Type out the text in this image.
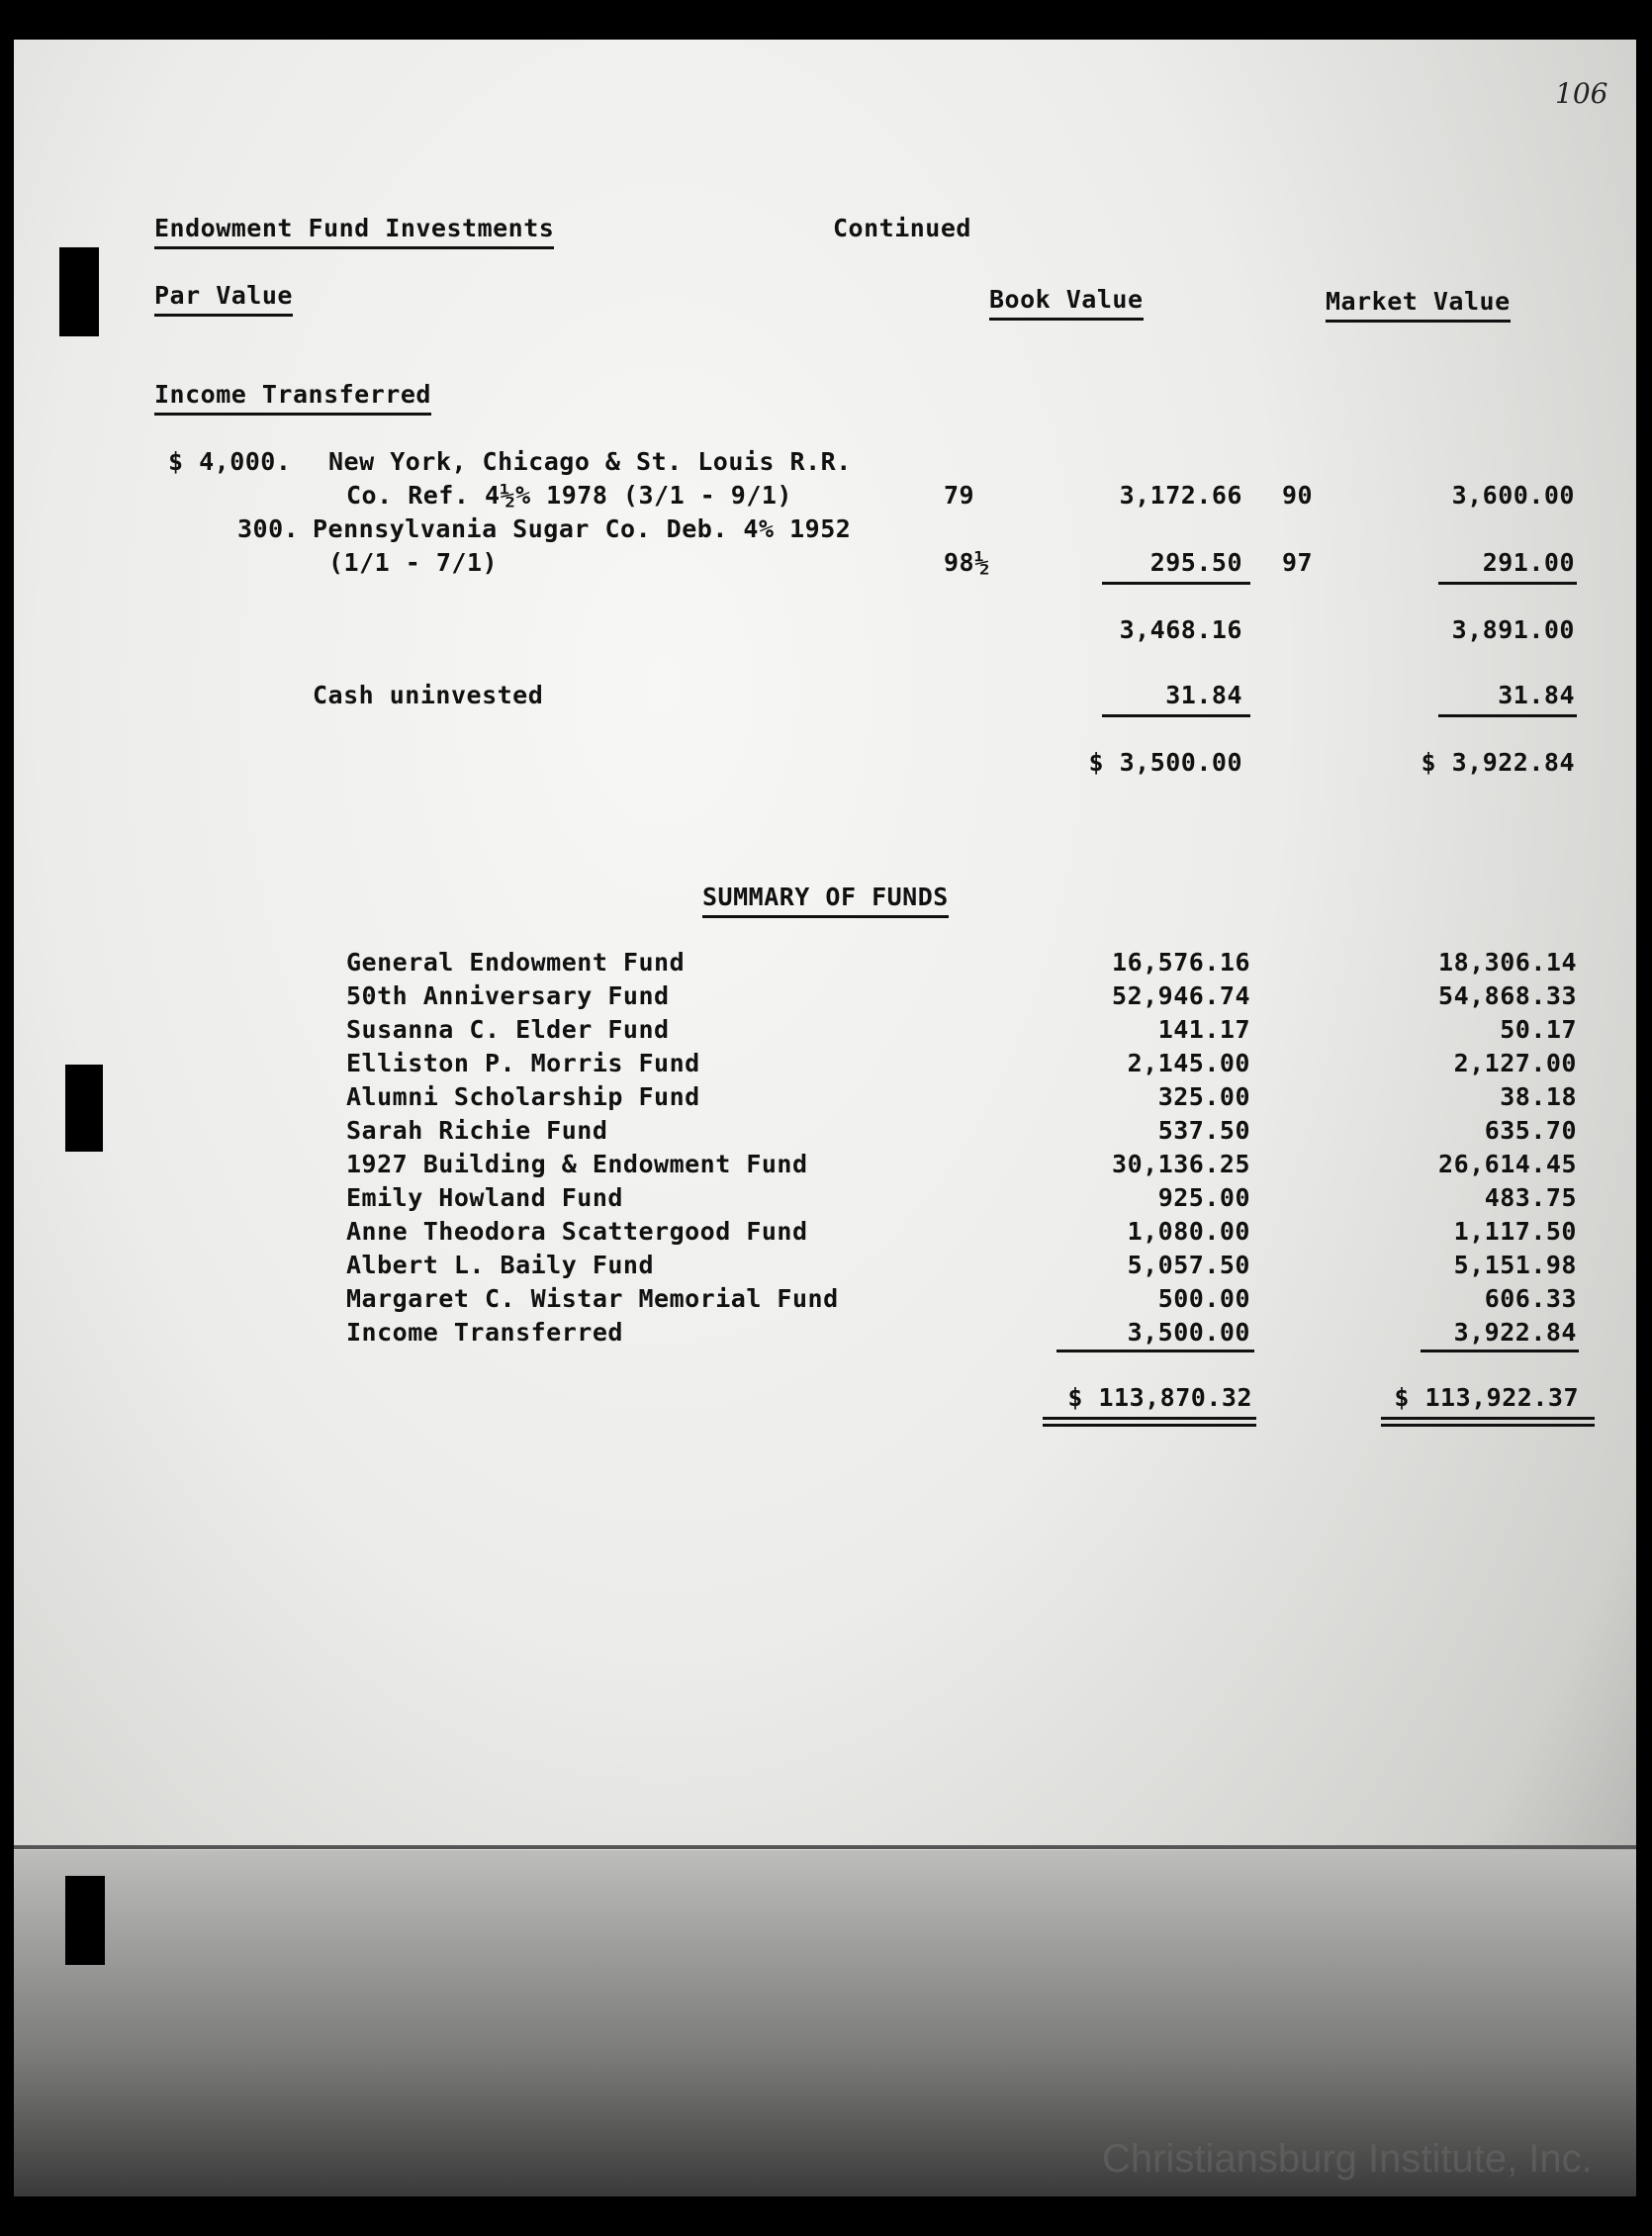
106
Endowment Fund Investments	Continued
Par Value	Book Value	Market Value
Income Transferred
$ 4,000. New York, Chicago & St. Louis R.R.
Co. Ref. 4½% 1978 (3/1 - 9/1)	79	3,172.66 90	3,600.00
300. Pennsylvania Sugar Co. Deb. 4% 1952
(1/1 - 7/1)	98½	295.50 97	291.00
3,468.16	3,891.00
Cash uninvested	31.84	31.84
$ 3,500.00	$ 3,922.84
SUMMARY OF FUNDS
General Endowment Fund	16,576.16	18,306.14
50th Anniversary Fund	52,946.74	54,868.33
Susanna C. Elder Fund	141.17	50.17
Elliston P. Morris Fund	2,145.00	2,127.00
Alumni Scholarship Fund	325.00	38.18
Sarah Richie Fund	537.50	635.70
1927 Building & Endowment Fund	30,136.25	26,614.45
Emily Howland Fund	925.00	483.75
Anne Theodora Scattergood Fund	1,080.00	1,117.50
Albert L. Baily Fund	5,057.50	5,151.98
Margaret C. Wistar Memorial Fund	500.00	606.33
Income Transferred	3,500.00	3,922.84
$ 113,870.32	$ 113,922.37
Christiansburg Institute, Inc.
